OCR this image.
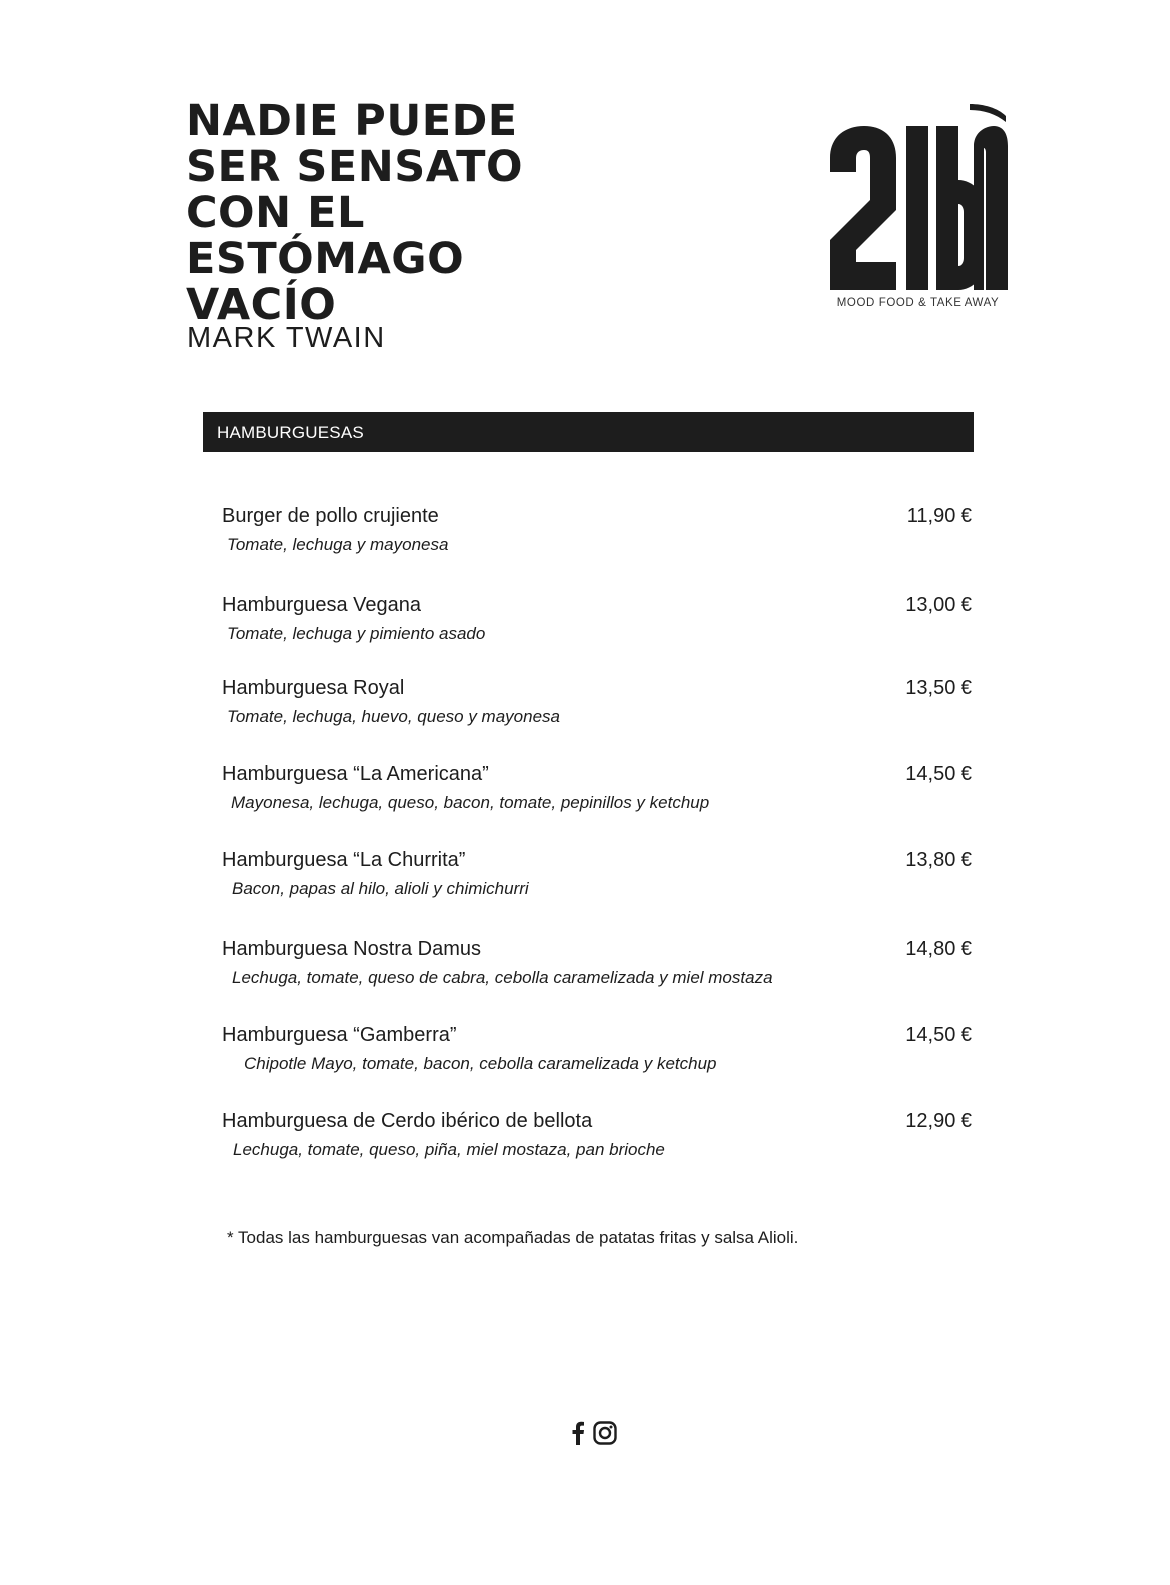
NADIE PUEDE
SER SENSATO
CON EL
ESTÓMAGO
VACÍO
MARK TWAIN
MOOD FOOD & TAKE AWAY
HAMBURGUESAS
Burger de pollo crujiente
Tomate, lechuga y mayonesa
11,90 €
Hamburguesa Vegana
Tomate, lechuga y pimiento asado
13,00 €
Hamburguesa Royal
Tomate, lechuga, huevo, queso y mayonesa
13,50 €
Hamburguesa “La Americana”
Mayonesa, lechuga, queso, bacon, tomate, pepinillos y ketchup
14,50 €
Hamburguesa “La Churrita”
Bacon, papas al hilo, alioli y chimichurri
13,80 €
Hamburguesa Nostra Damus
Lechuga, tomate, queso de cabra, cebolla caramelizada y miel mostaza
14,80 €
Hamburguesa “Gamberra”
Chipotle Mayo, tomate, bacon, cebolla caramelizada y ketchup
14,50 €
Hamburguesa de Cerdo ibérico de bellota
Lechuga, tomate, queso, piña, miel mostaza, pan brioche
12,90 €
* Todas las hamburguesas van acompañadas de patatas fritas y salsa Alioli.
